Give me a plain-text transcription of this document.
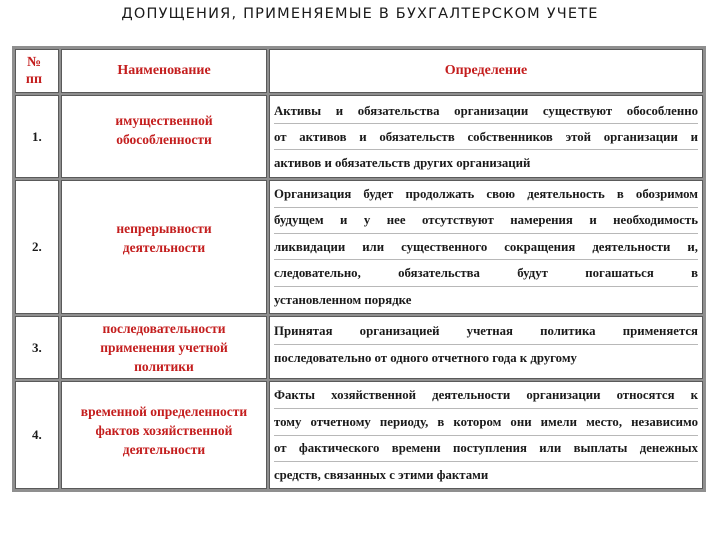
ДОПУЩЕНИЯ, ПРИМЕНЯЕМЫЕ В БУХГАЛТЕРСКОМ УЧЕТЕ
№ пп
Наименование	Определение
1.
имущественной обособленности
Активы и обязательства организации существуют обособленно
от активов и обязательств собственников этой организации и
активов и обязательств других организаций
2.
непрерывности деятельности
Организация будет продолжать свою деятельность в обозримом
будущем и у нее отсутствуют намерения и необходимость
ликвидации или существенного сокращения деятельности и,
следовательно, обязательства будут погашаться в
установленном порядке
3.
последовательности применения учетной политики
Принятая организацией учетная политика применяется
последовательно от одного отчетного года к другому
4.
временной определенности фактов хозяйственной деятельности
Факты хозяйственной деятельности организации относятся к
тому отчетному периоду, в котором они имели место, независимо
от фактического времени поступления или выплаты денежных
средств, связанных с этими фактами
